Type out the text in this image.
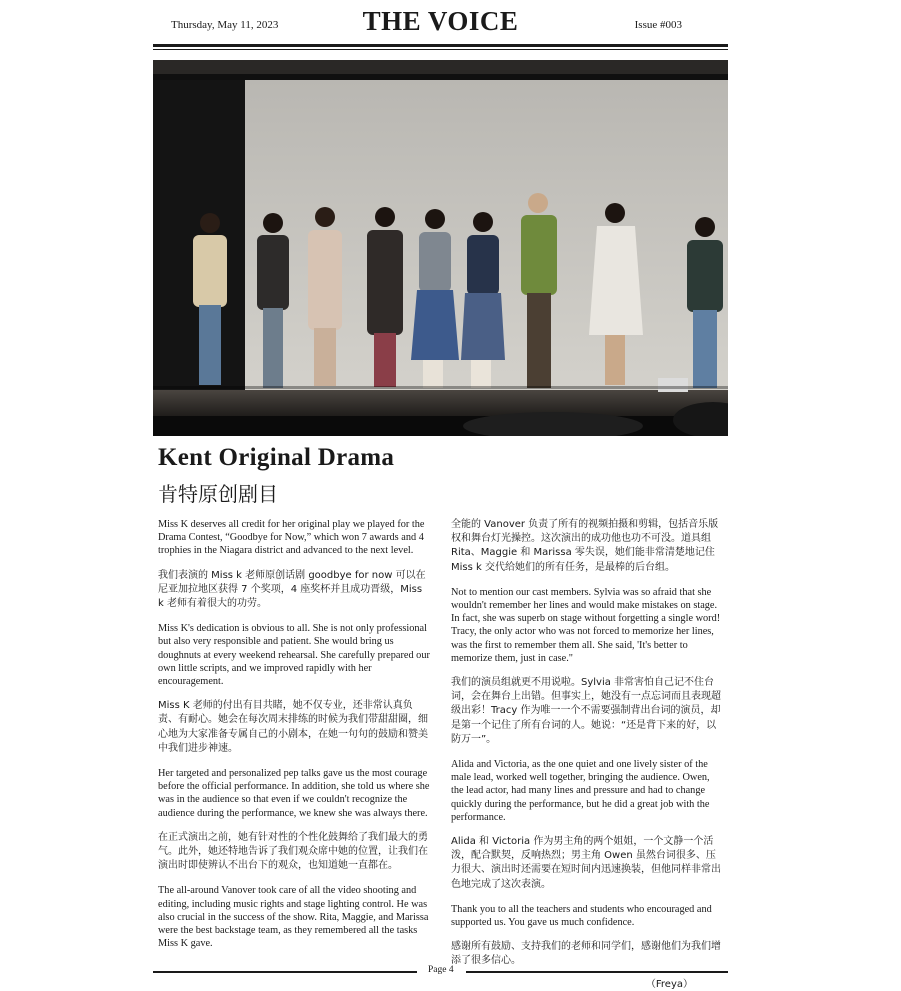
Thursday, May 11, 2023	THE VOICE	Issue #003
Kent Original Drama
肯特原创剧目

Miss K deserves all credit for her original play we played for the Drama Contest, “Goodbye for Now,” which won 7 awards and 4 trophies in the Niagara district and advanced to the next level.

我们表演的 Miss k 老师原创话剧 goodbye for now 可以在尼亚加拉地区获得 7 个奖项，4 座奖杯并且成功晋级，Miss k 老师有着很大的功劳。

Miss K's dedication is obvious to all. She is not only professional but also very responsible and patient. She would bring us doughnuts at every weekend rehearsal. She carefully prepared our own little scripts, and we improved rapidly with her encouragement.

Miss K 老师的付出有目共睹，她不仅专业，还非常认真负责、有耐心。她会在每次周末排练的时候为我们带甜甜圈，细心地为大家准备专属自己的小剧本，在她一句句的鼓励和赞美中我们进步神速。

Her targeted and personalized pep talks gave us the most courage before the official performance. In addition, she told us where she was in the audience so that even if we couldn't recognize the audience during the performance, we knew she was always there.

在正式演出之前，她有针对性的个性化鼓舞给了我们最大的勇气。此外，她还特地告诉了我们观众席中她的位置，让我们在演出时即使辨认不出台下的观众，也知道她一直都在。

The all-around Vanover took care of all the video shooting and editing, including music rights and stage lighting control. He was also crucial in the success of the show. Rita, Maggie, and Marissa were the best backstage team, as they remembered all the tasks Miss K gave.

全能的 Vanover 负责了所有的视频拍摄和剪辑，包括音乐版权和舞台灯光操控。这次演出的成功他也功不可没。道具组 Rita、Maggie 和 Marissa 零失误，她们能非常清楚地记住 Miss k 交代给她们的所有任务，是最棒的后台组。

Not to mention our cast members. Sylvia was so afraid that she wouldn't remember her lines and would make mistakes on stage. In fact, she was superb on stage without forgetting a single word! Tracy, the only actor who was not forced to memorize her lines, was the first to remember them all. She said, 'It's better to memorize them, just in case."

我们的演员组就更不用说啦。Sylvia 非常害怕自己记不住台词，会在舞台上出错。但事实上，她没有一点忘词而且表现超级出彩！Tracy 作为唯一一个不需要强制背出台词的演员，却是第一个记住了所有台词的人。她说：“还是背下来的好，以防万一”。

Alida and Victoria, as the one quiet and one lively sister of the male lead, worked well together, bringing the audience. Owen, the lead actor, had many lines and pressure and had to change quickly during the performance, but he did a great job with the performance.

Alida 和 Victoria 作为男主角的两个姐姐，一个文静一个活泼，配合默契，反响热烈；男主角 Owen 虽然台词很多、压力很大、演出时还需要在短时间内迅速换装，但他同样非常出色地完成了这次表演。

Thank you to all the teachers and students who encouraged and supported us. You gave us much confidence.

感谢所有鼓励、支持我们的老师和同学们，感谢他们为我们增添了很多信心。

（Freya）
Page 4
